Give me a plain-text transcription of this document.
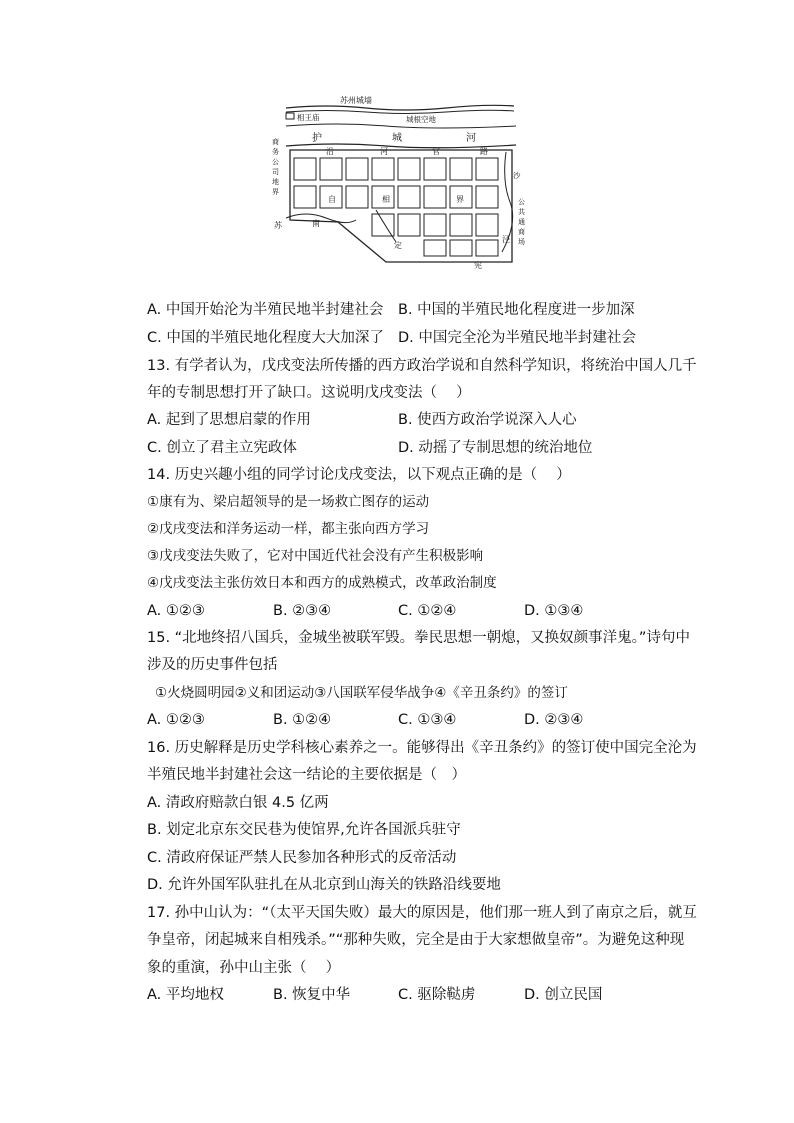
苏州城墙
相王庙	城根空地
护	城	河
商
务
公
司
地
界
公
共
通
商
场
沙
沿	河	官	路
自	相	界
苏	南
定
宪
泾
A. 中国开始沦为半殖民地半封建社会 B. 中国的半殖民地化程度进一步加深
C. 中国的半殖民地化程度大大加深了 D. 中国完全沦为半殖民地半封建社会
13. 有学者认为，戊戌变法所传播的西方政治学说和自然科学知识，将统治中国人几千
年的专制思想打开了缺口。这说明戊戌变法（　 ）
A. 起到了思想启蒙的作用	B. 使西方政治学说深入人心
C. 创立了君主立宪政体	D. 动摇了专制思想的统治地位
14. 历史兴趣小组的同学讨论戊戌变法，以下观点正确的是（　 ）
①康有为、梁启超领导的是一场救亡图存的运动
②戊戌变法和洋务运动一样，都主张向西方学习
③戊戌变法失败了，它对中国近代社会没有产生积极影响
④戊戌变法主张仿效日本和西方的成熟模式，改革政治制度
A. ①②③	B. ②③④	C. ①②④	D. ①③④
15. “北地终招八国兵，金城坐被联军毁。拳民思想一朝熄，又换奴颜事洋鬼。”诗句中
涉及的历史事件包括
①火烧圆明园②义和团运动③八国联军侵华战争④《辛丑条约》的签订
A. ①②③	B. ①②④	C. ①③④	D. ②③④
16. 历史解释是历史学科核心素养之一。能够得出《辛丑条约》的签订使中国完全沦为
半殖民地半封建社会这一结论的主要依据是（　）
A. 清政府赔款白银 4.5 亿两
B. 划定北京东交民巷为使馆界,允许各国派兵驻守
C. 清政府保证严禁人民参加各种形式的反帝活动
D. 允许外国军队驻扎在从北京到山海关的铁路沿线要地
17. 孙中山认为：“（太平天国失败）最大的原因是，他们那一班人到了南京之后，就互
争皇帝，闭起城来自相残杀。”“那种失败，完全是由于大家想做皇帝”。为避免这种现
象的重演，孙中山主张（　 ）
A. 平均地权	B. 恢复中华	C. 驱除鞑虏	D. 创立民国
